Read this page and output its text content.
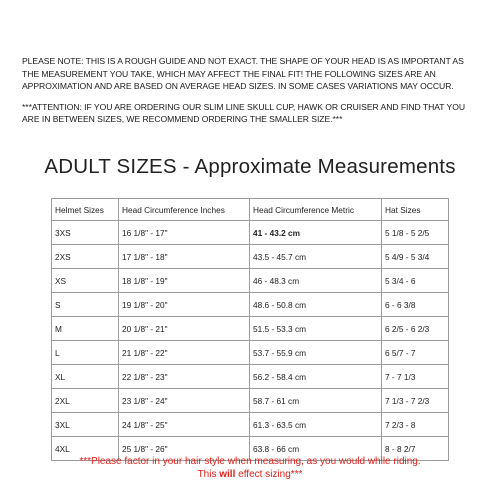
PLEASE NOTE: THIS IS A ROUGH GUIDE AND NOT EXACT. THE SHAPE OF YOUR HEAD IS AS IMPORTANT AS THE MEASUREMENT YOU TAKE, WHICH MAY AFFECT THE FINAL FIT! THE FOLLOWING SIZES ARE AN APPROXIMATION AND ARE BASED ON AVERAGE HEAD SIZES. IN SOME CASES VARIATIONS MAY OCCUR.

***ATTENTION: IF YOU ARE ORDERING OUR SLIM LINE SKULL CUP, HAWK OR CRUISER AND FIND THAT YOU ARE IN BETWEEN SIZES, WE RECOMMEND ORDERING THE SMALLER SIZE.***

ADULT SIZES - Approximate Measurements
Helmet Sizes	Head Circumference Inches	Head Circumference Metric	Hat Sizes
3XS	16 1/8" - 17"	41 - 43.2 cm	5 1/8 - 5 2/5
2XS	17 1/8" - 18"	43.5 - 45.7 cm	5 4/9 - 5 3/4
XS	18 1/8" - 19"	46 - 48.3 cm	5 3/4 - 6
S	19 1/8" - 20"	48.6 - 50.8 cm	6 - 6 3/8
M	20 1/8" - 21"	51.5 - 53.3 cm	6 2/5 - 6 2/3
L	21 1/8" - 22"	53.7 - 55.9 cm	6 5/7 - 7
XL	22 1/8" - 23"	56.2 - 58.4 cm	7 - 7 1/3
2XL	23 1/8" - 24"	58.7 - 61 cm	7 1/3 - 7 2/3
3XL	24 1/8" - 25"	61.3 - 63.5 cm	7 2/3 - 8
4XL	25 1/8" - 26"	63.8 - 66 cm	8 - 8 2/7
***Please factor in your hair style when measuring, as you would while riding.
This will effect sizing***
